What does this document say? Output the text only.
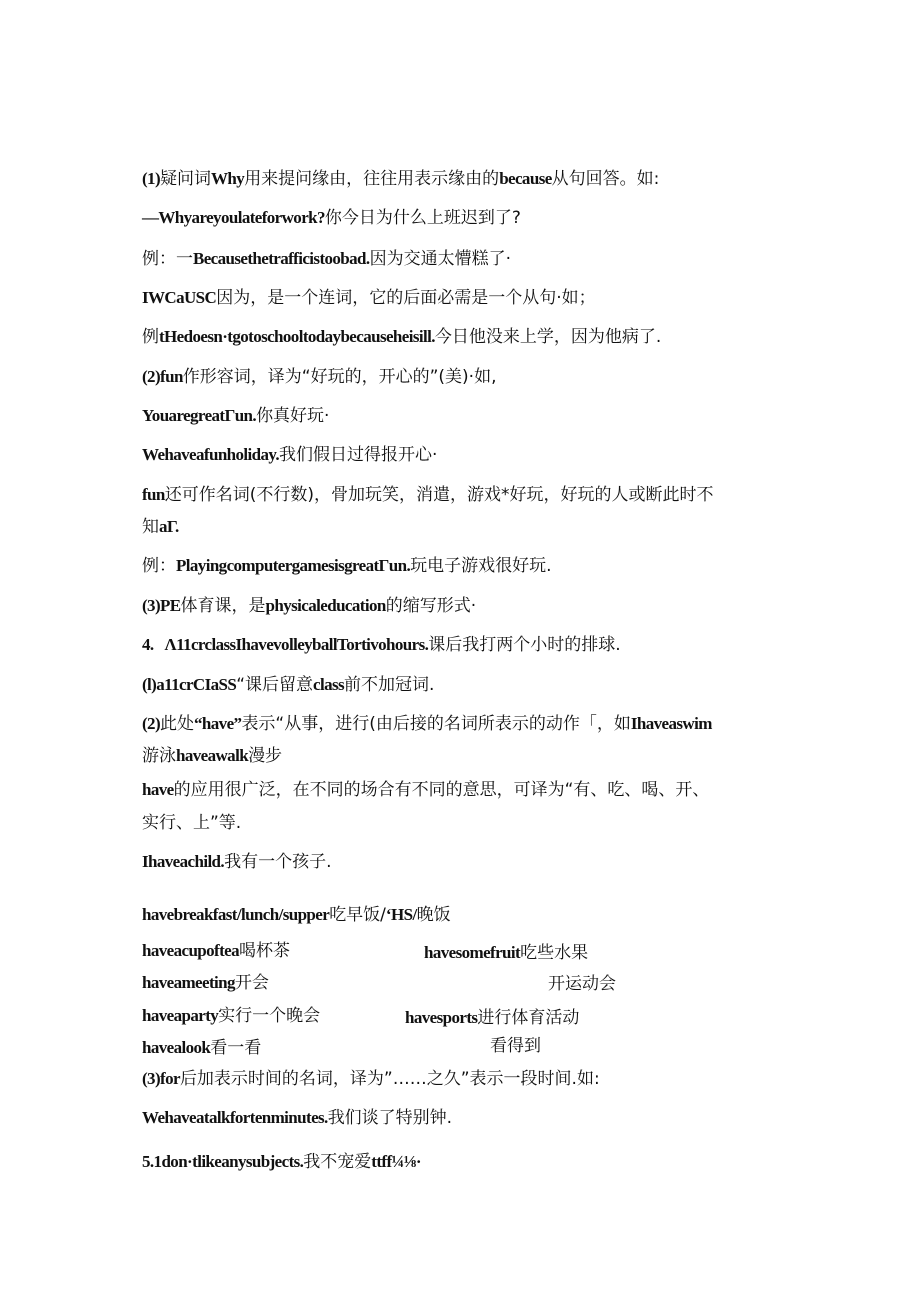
(1)疑问词Why用来提问缘由，往往用表示缘由的because从句回答。如:
—Whyareyoulateforwork?你今日为什么上班迟到了?
例：一Becausethetrafficistoobad.因为交通太懵糕了·
IWCaUSC因为，是一个连词，它的后面必需是一个从句·如；
例tHedoesn·tgotoschooltodaybecauseheisill.今日他没来上学，因为他病了.
(2)fun作形容词，译为“好玩的，开心的”(美)·如,
YouaregreatΓun.你真好玩·
Wehaveafunholiday.我们假日过得报开心·
fun还可作名词(不行数)，骨加玩笑，消遣，游戏*好玩，好玩的人或断此时不
知aΓ.
例：PlayingcomputergamesisgreatΓun.玩电子游戏很好玩.
(3)PE体育课，是physicaleducation的缩写形式·
4.   Λ11crclassIhavevolleyballTortivohours.课后我打两个小时的排球.
(l)a11crCIaSS“课后留意class前不加冠词.
(2)此处“have”表示“从事，进行(由后接的名词所表示的动作「，如Ihaveaswim
游泳haveawalk漫步
have的应用很广泛，在不同的场合有不同的意思，可译为“有、吃、喝、开、
实行、上”等.
Ihaveachild.我有一个孩子.
havebreakfast/lunch/supper吃早饭/‘HS/晚饭
haveacupoftea喝杯茶	havesomefruit吃些水果
haveameeting开会	开运动会
haveaparty实行一个晚会	havesports进行体育活动
havealook看一看	看得到
(3)for后加表示时间的名词，译为”……之久”表示一段时间.如:
Wehaveatalkfortenminutes.我们谈了特别钟.
5.1don·tlikeanysubjects.我不宠爱ttff¼⅛·
